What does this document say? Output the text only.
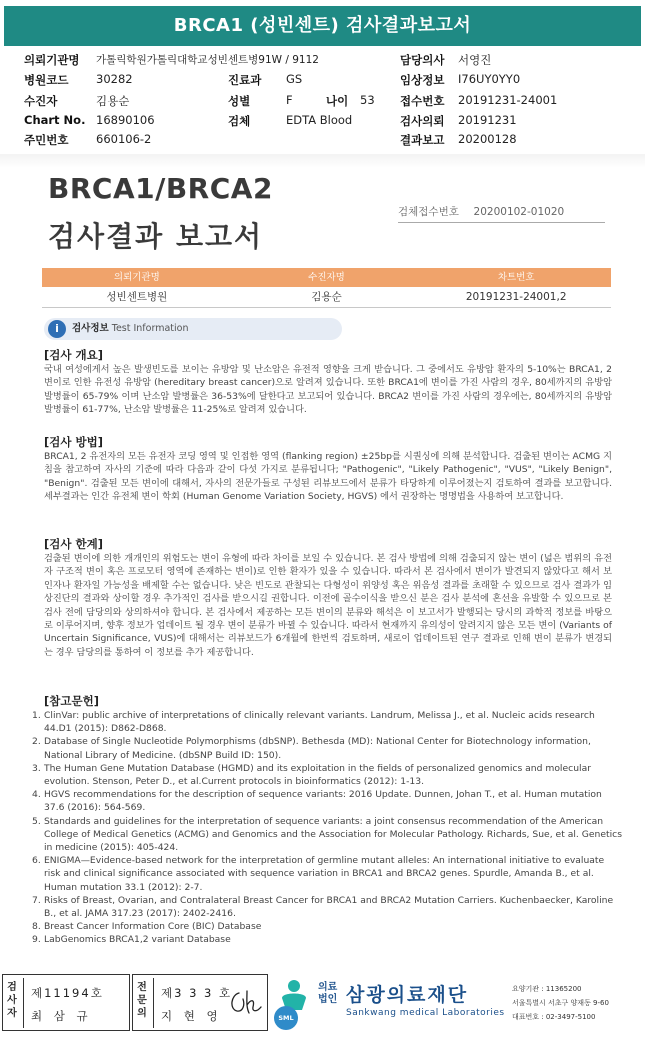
BRCA1 (성빈센트) 검사결과보고서
의뢰기관명 가톨릭학원가톨릭대학교성빈센트병91W / 9112	담당의사 서영진
병원코드 30282	진료과 GS	임상정보 I76UY0YY0
수진자	김용순	성별	F	나이 53 접수번호 20191231-24001
Chart No. 16890106	검체	EDTA Blood	검사의뢰 20191231
주민번호 660106-2	결과보고 20200128
BRCA1/BRCA2
검사결과 보고서
검체접수번호 20200102-01020
의뢰기관명	수진자명	차트번호
성빈센트병원	김용순	20191231-24001,2
i	검사정보 Test Information
[검사 개요]
국내 여성에게서 높은 발생빈도를 보이는 유방암 및 난소암은 유전적 영향을 크게 받습니다. 그 중에서도 유방암 환자의 5-10%는 BRCA1, 2 변이로 인한 유전성 유방암 (hereditary breast cancer)으로 알려져 있습니다. 또한 BRCA1에 변이를 가진 사람의 경우, 80세까지의 유방암 발병률이 65-79% 이며 난소암 발병률은 36-53%에 달한다고 보고되어 있습니다. BRCA2 변이를 가진 사람의 경우에는, 80세까지의 유방암 발병률이 61-77%, 난소암 발병률은 11-25%로 알려져 있습니다.
[검사 방법]
BRCA1, 2 유전자의 모든 유전자 코딩 영역 및 인접한 영역 (flanking region) ±25bp를 시퀀싱에 의해 분석합니다. 검출된 변이는 ACMG 지침을 참고하여 자사의 기준에 따라 다음과 같이 다섯 가지로 분류됩니다; "Pathogenic", "Likely Pathogenic", "VUS", "Likely Benign", "Benign". 검출된 모든 변이에 대해서, 자사의 전문가들로 구성된 리뷰보드에서 분류가 타당하게 이루어졌는지 검토하여 결과를 보고합니다. 세부결과는 인간 유전체 변이 학회 (Human Genome Variation Society, HGVS) 에서 권장하는 명명법을 사용하여 보고합니다.
[검사 한계]
검출된 변이에 의한 개개인의 위험도는 변이 유형에 따라 차이를 보일 수 있습니다. 본 검사 방법에 의해 검출되지 않는 변이 (넓은 범위의 유전자 구조적 변이 혹은 프로모터 영역에 존재하는 변이)로 인한 환자가 있을 수 있습니다. 따라서 본 검사에서 변이가 발견되지 않았다고 해서 보인자나 환자일 가능성을 배제할 수는 없습니다. 낮은 빈도로 관찰되는 다형성이 위양성 혹은 위음성 결과를 초래할 수 있으므로 검사 결과가 임상진단의 결과와 상이할 경우 추가적인 검사를 받으시길 권합니다. 이전에 골수이식을 받으신 분은 검사 분석에 혼선을 유발할 수 있으므로 본 검사 전에 담당의와 상의하셔야 합니다. 본 검사에서 제공하는 모든 변이의 분류와 해석은 이 보고서가 발행되는 당시의 과학적 정보를 바탕으로 이루어지며, 향후 정보가 업데이트 될 경우 변이 분류가 바뀔 수 있습니다. 따라서 현재까지 유의성이 알려지지 않은 모든 변이 (Variants of Uncertain Significance, VUS)에 대해서는 리뷰보드가 6개월에 한번씩 검토하며, 새로이 업데이트된 연구 결과로 인해 변이 분류가 변경되는 경우 담당의를 통하여 이 정보를 추가 제공합니다.
[참고문헌]
1. ClinVar: public archive of interpretations of clinically relevant variants. Landrum, Melissa J., et al. Nucleic acids research 44.D1 (2015): D862-D868.
2. Database of Single Nucleotide Polymorphisms (dbSNP). Bethesda (MD): National Center for Biotechnology information, National Library of Medicine. (dbSNP Build ID: 150).
3. The Human Gene Mutation Database (HGMD) and its exploitation in the fields of personalized genomics and molecular evolution. Stenson, Peter D., et al.Current protocols in bioinformatics (2012): 1-13.
4. HGVS recommendations for the description of sequence variants: 2016 Update. Dunnen, Johan T., et al. Human mutation 37.6 (2016): 564-569.
5. Standards and guidelines for the interpretation of sequence variants: a joint consensus recommendation of the American College of Medical Genetics (ACMG) and Genomics and the Association for Molecular Pathology. Richards, Sue, et al. Genetics in medicine (2015): 405-424.
6. ENIGMA—Evidence-based network for the interpretation of germline mutant alleles: An international initiative to evaluate risk and clinical significance associated with sequence variation in BRCA1 and BRCA2 genes. Spurdle, Amanda B., et al. Human mutation 33.1 (2012): 2-7.
7. Risks of Breast, Ovarian, and Contralateral Breast Cancer for BRCA1 and BRCA2 Mutation Carriers. Kuchenbaecker, Karoline B., et al. JAMA 317.23 (2017): 2402-2416.
8. Breast Cancer Information Core (BIC) Database
9. LabGenomics BRCA1,2 variant Database
검사자
제11194호
최 삼 규
전문의
제3 3 3 호
지 현 영	SML
의료법인 삼광의료재단
Sankwang medical Laboratories
요양기관 : 11365200
서울특별시 서초구 양재동 9-60
대표번호 : 02-3497-5100
